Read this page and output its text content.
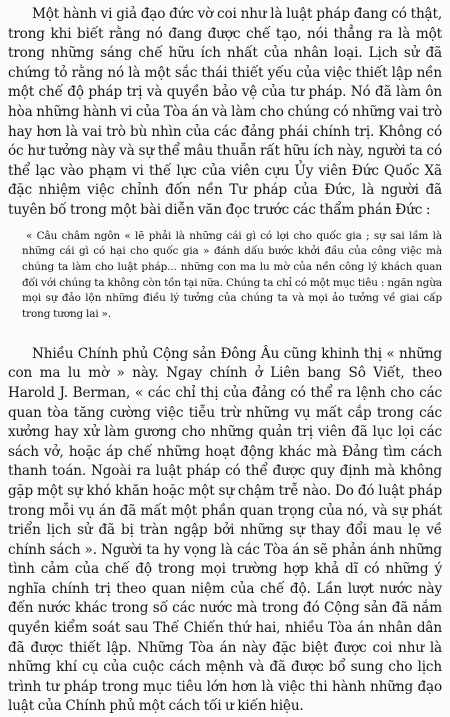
Một hành vi giả đạo đức vờ coi như là luật pháp đang có thật, trong khi biết rằng nó đang được chế tạo, nói thẳng ra là một trong những sáng chế hữu ích nhất của nhân loại. Lịch sử đã chứng tỏ rằng nó là một sắc thái thiết yếu của việc thiết lập nền một chế độ pháp trị và quyền bảo vệ của tư pháp. Nó đã làm ôn hòa những hành vi của Tòa án và làm cho chúng có những vai trò hay hơn là vai trò bù nhìn của các đảng phái chính trị. Không có óc hư tưởng này và sự thể mâu thuẫn rất hữu ích này, người ta có thể lạc vào phạm vi thế lực của viên cựu Ủy viên Đức Quốc Xã đặc nhiệm việc chỉnh đốn nền Tư pháp của Đức, là người đã tuyên bố trong một bài diễn văn đọc trước các thẩm phán Đức :

« Câu châm ngôn « lẽ phải là những cái gì có lợi cho quốc gia ; sự sai lầm là những cái gì có hại cho quốc gia » đánh dấu bước khởi đầu của công việc mà chúng ta làm cho luật pháp... những con ma lu mờ của nền công lý khách quan đối với chúng ta không còn tồn tại nữa. Chúng ta chỉ có một mục tiêu : ngăn ngừa mọi sự đảo lộn những điều lý tưởng của chúng ta và mọi ảo tưởng về giai cấp trong tương lai ».

Nhiều Chính phủ Cộng sản Đông Âu cũng khinh thị « những con ma lu mờ » này. Ngay chính ở Liên bang Sô Viết, theo Harold J. Berman, « các chỉ thị của đảng có thể ra lệnh cho các quan tòa tăng cường việc tiễu trừ những vụ mất cắp trong các xưởng hay xử làm gương cho những quản trị viên đã lục lọi các sách vở, hoặc áp chế những hoạt động khác mà Đảng tìm cách thanh toán. Ngoài ra luật pháp có thể được quy định mà không gặp một sự khó khăn hoặc một sự chậm trễ nào. Do đó luật pháp trong mỗi vụ án đã mất một phần quan trọng của nó, và sự phát triển lịch sử đã bị tràn ngập bởi những sự thay đổi mau lẹ về chính sách ». Người ta hy vọng là các Tòa án sẽ phản ánh những tình cảm của chế độ trong mọi trường hợp khả dĩ có những ý nghĩa chính trị theo quan niệm của chế độ. Lần lượt nước này đến nước khác trong số các nước mà trong đó Cộng sản đã nắm quyền kiểm soát sau Thế Chiến thứ hai, nhiều Tòa án nhân dân đã được thiết lập. Những Tòa án này đặc biệt được coi như là những khí cụ của cuộc cách mệnh và đã được bổ sung cho lịch trình tư pháp trong mục tiêu lớn hơn là việc thi hành những đạo luật của Chính phủ một cách tối ư kiến hiệu.
